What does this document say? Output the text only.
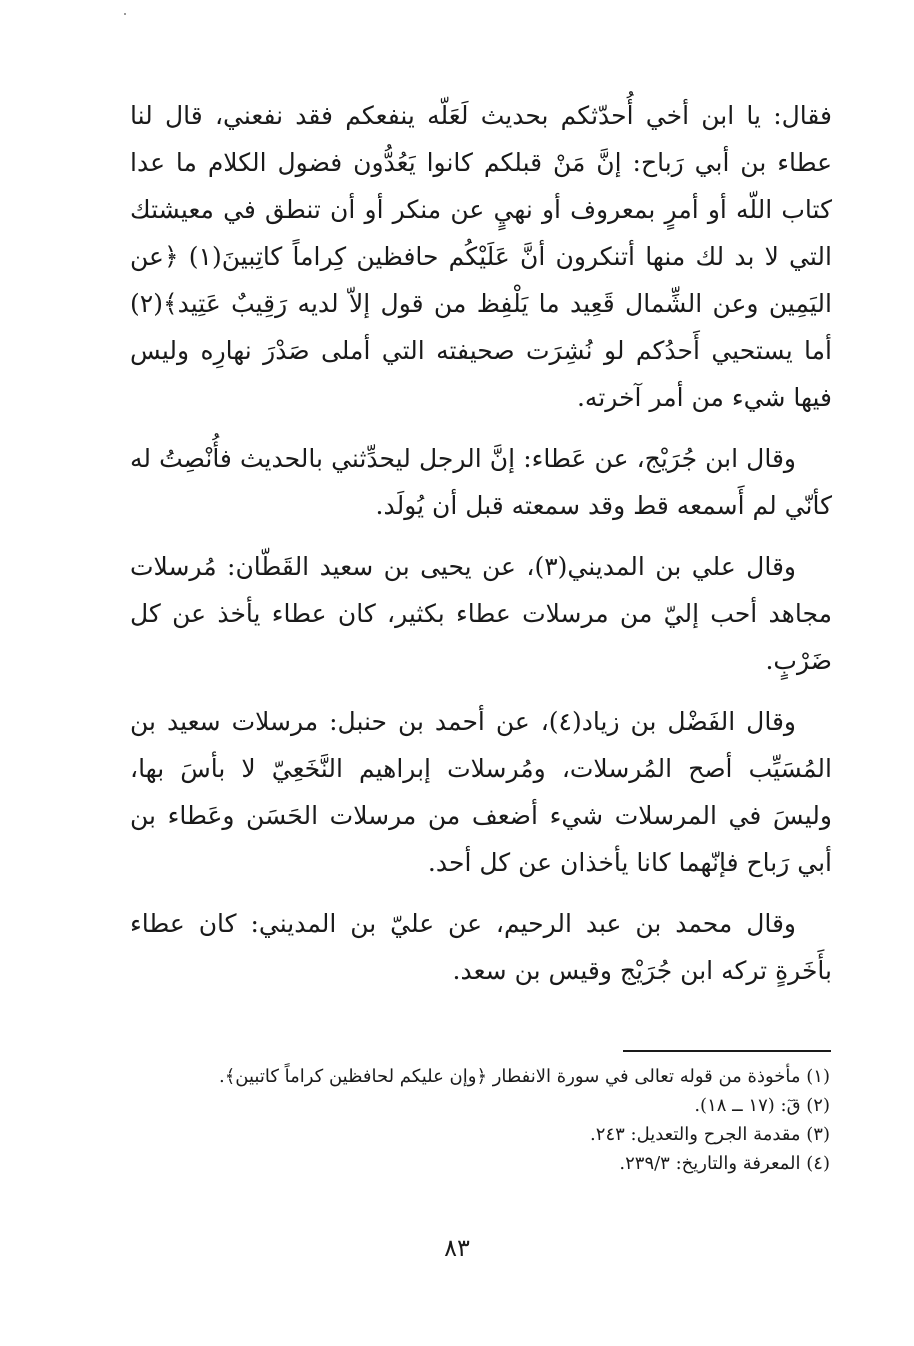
فقال: يا ابن أخي أُحدّثكم بحديث لَعَلّه ينفعكم فقد نفعني، قال لنا عطاء بن أبي رَباح: إنَّ مَنْ قبلكم كانوا يَعُدُّون فضول الكلام ما عدا كتاب اللّه أو أمرٍ بمعروف أو نهيٍ عن منكر أو أن تنطق في معيشتك التي لا بد لك منها أتنكرون أنَّ عَلَيْكُم حافظين كِراماً كاتِبينَ(١) ﴿عن اليَمِين وعن الشِّمال قَعِيد ما يَلْفِظ من قول إلاّ لديه رَقِيبٌ عَتِيد﴾(٢) أما يستحيي أَحدُكم لو نُشِرَت صحيفته التي أملى صَدْرَ نهارِه وليس فيها شيء من أمر آخرته.

وقال ابن جُرَيْج، عن عَطاء: إنَّ الرجل ليحدِّثني بالحديث فأُنْصِتُ له كأنّي لم أَسمعه قط وقد سمعته قبل أن يُولَد.

وقال علي بن المديني(٣)، عن يحيى بن سعيد القَطّان: مُرسلات مجاهد أحب إليّ من مرسلات عطاء بكثير، كان عطاء يأخذ عن كل ضَرْبٍ.

وقال الفَضْل بن زياد(٤)، عن أحمد بن حنبل: مرسلات سعيد بن المُسَيِّب أصح المُرسلات، ومُرسلات إبراهيم النَّخَعِيّ لا بأسَ بها، وليسَ في المرسلات شيء أضعف من مرسلات الحَسَن وعَطاء بن أبي رَباح فإنّهما كانا يأخذان عن كل أحد.

وقال محمد بن عبد الرحيم، عن عليّ بن المديني: كان عطاء بأَخَرةٍ تركه ابن جُرَيْج وقيس بن سعد.

(١) مأخوذة من قوله تعالى في سورة الانفطار ﴿وإن عليكم لحافظين كراماً كاتبين﴾.

(٢) قٓ: (١٧ ــ ١٨).

(٣) مقدمة الجرح والتعديل: ٢٤٣.

(٤) المعرفة والتاريخ: ٢٣٩/٣.

٨٣
